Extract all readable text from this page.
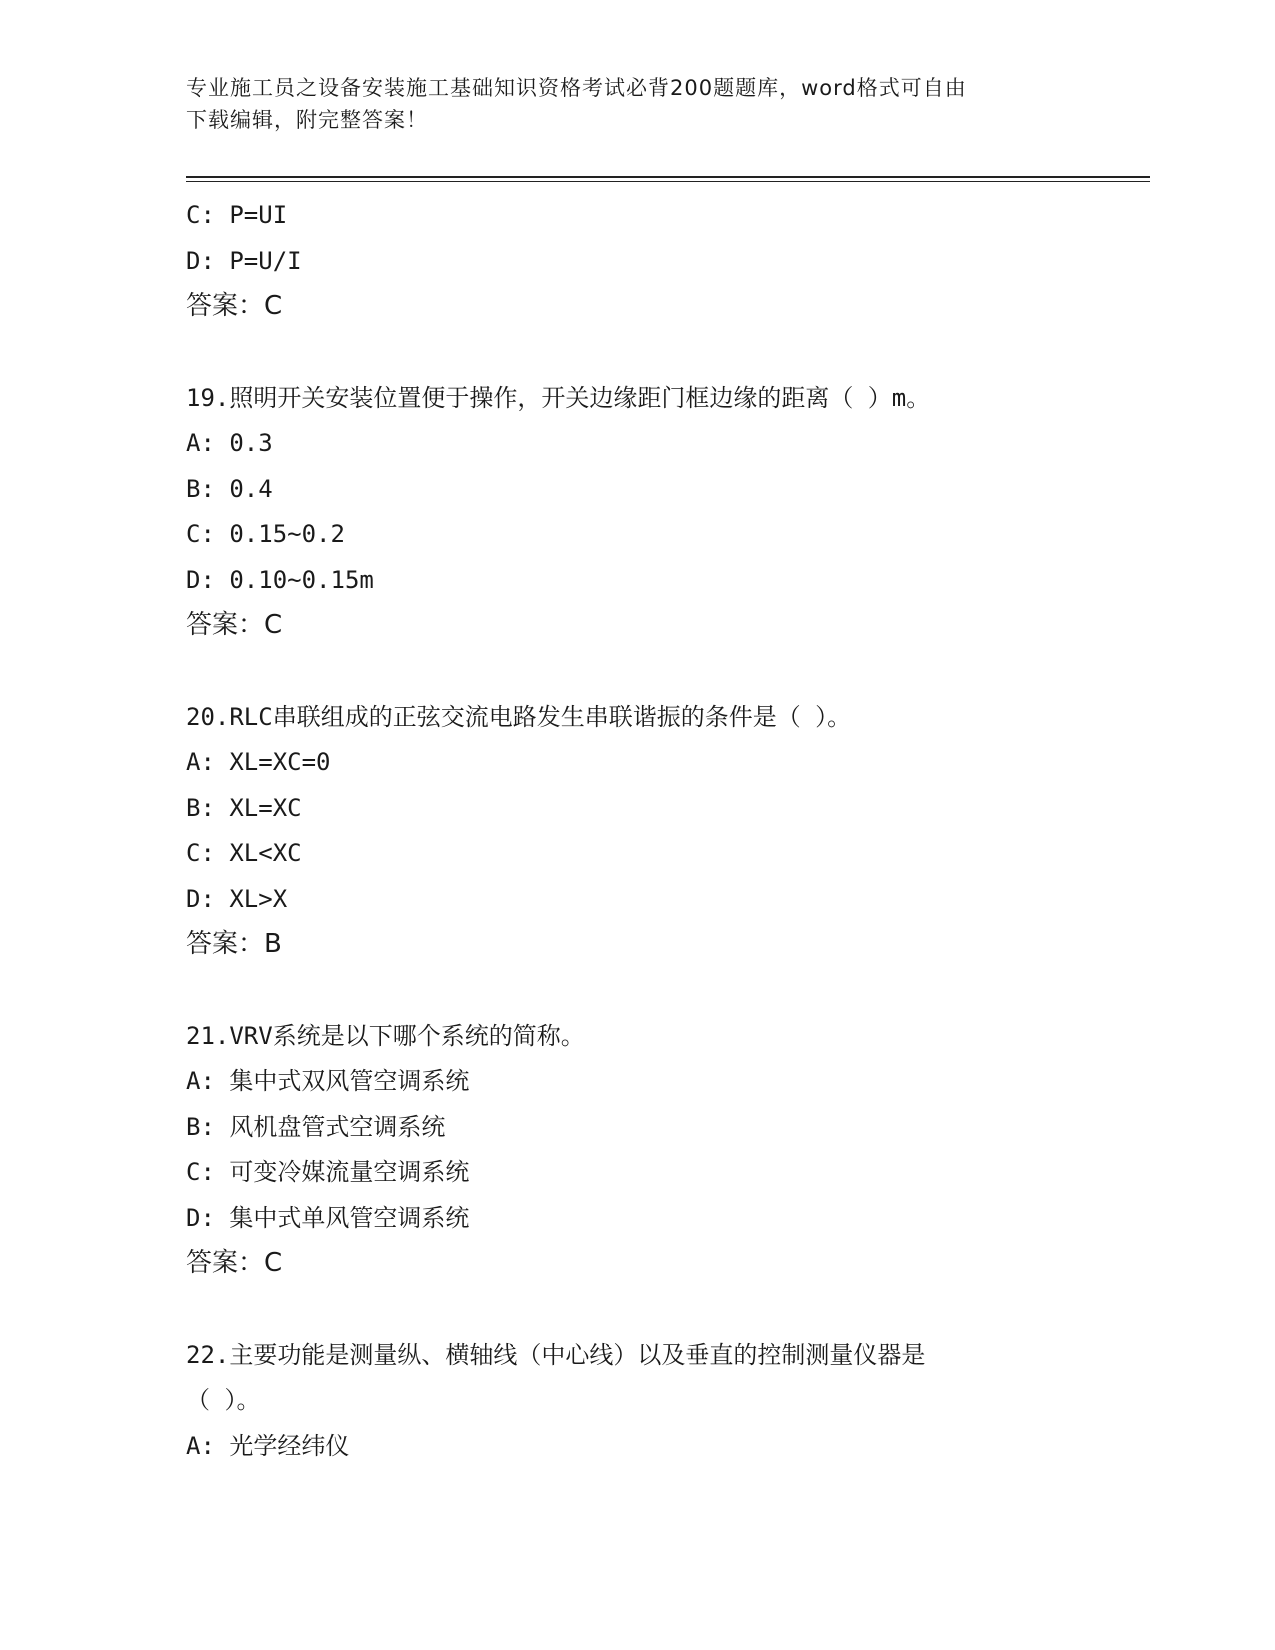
专业施工员之设备安装施工基础知识资格考试必背200题题库，word格式可自由
下载编辑，附完整答案！
C: P=UI
D: P=U/I
答案：C
19.照明开关安装位置便于操作，开关边缘距门框边缘的距离（ ）m。
A: 0.3
B: 0.4
C: 0.15~0.2
D: 0.10~0.15m
答案：C
20.RLC串联组成的正弦交流电路发生串联谐振的条件是（ ）。
A: XL=XC=0
B: XL=XC
C: XL<XC
D: XL>X
答案：B
21.VRV系统是以下哪个系统的简称。
A: 集中式双风管空调系统
B: 风机盘管式空调系统
C: 可变冷媒流量空调系统
D: 集中式单风管空调系统
答案：C
22.主要功能是测量纵、横轴线（中心线）以及垂直的控制测量仪器是
（ ）。
A: 光学经纬仪
